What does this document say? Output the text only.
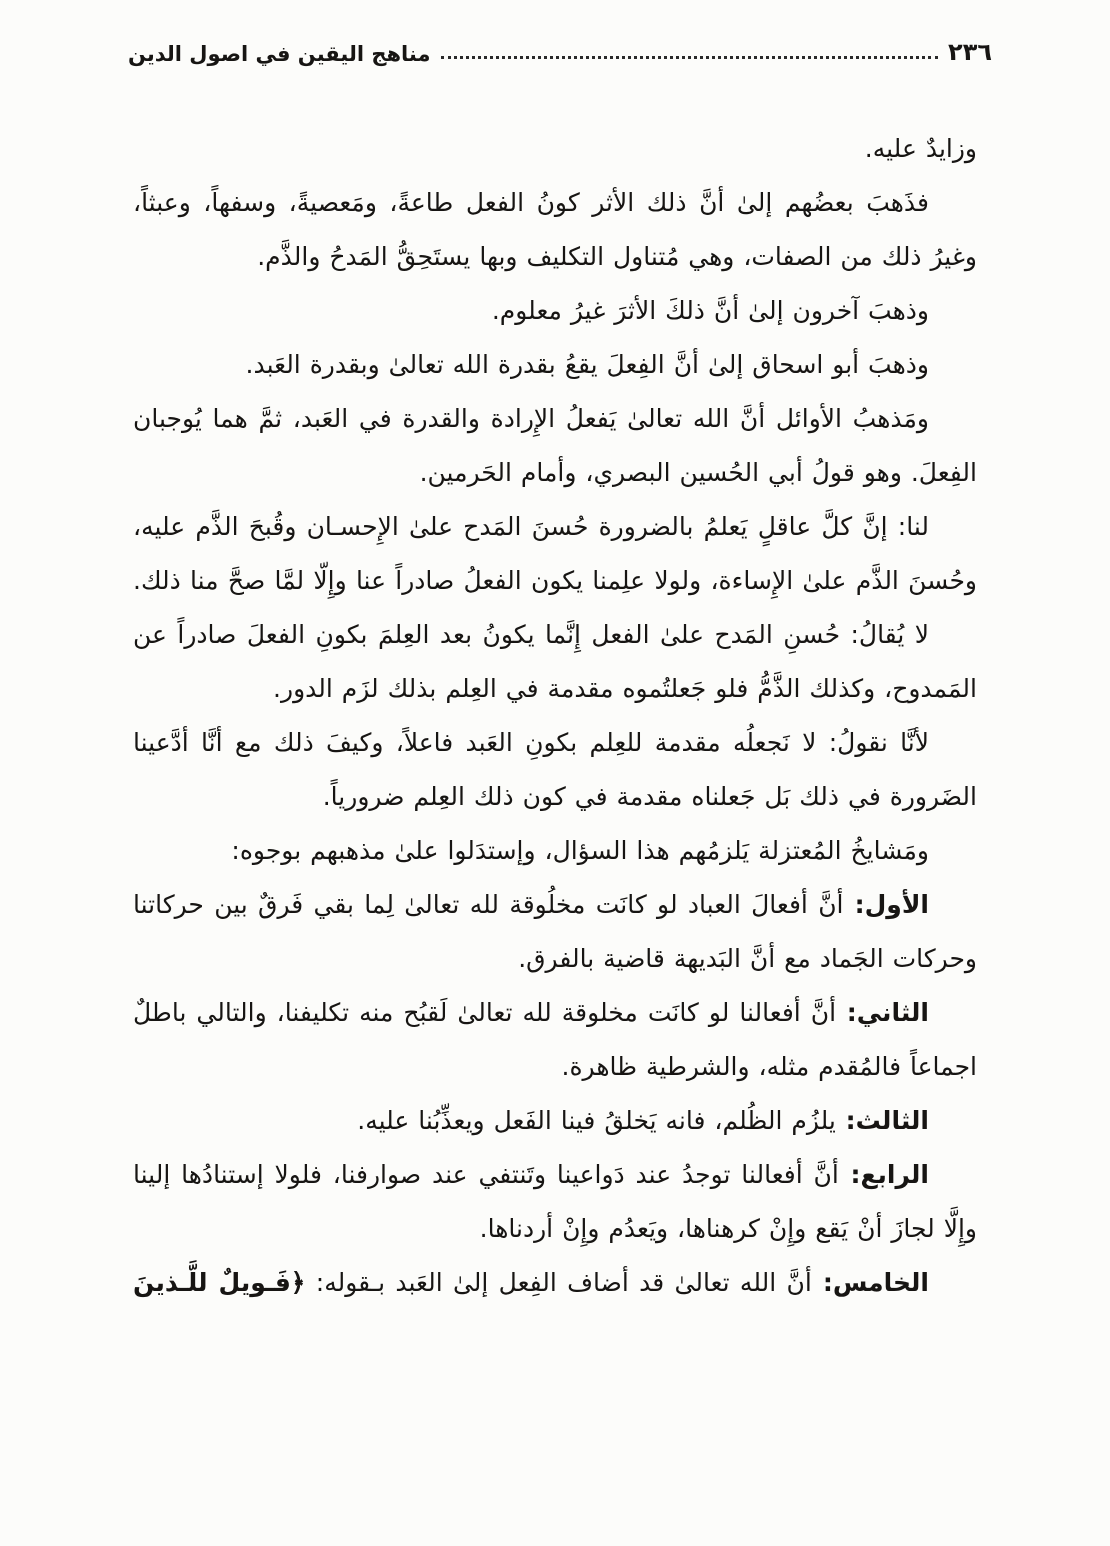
مناهج اليقين في اصول الدين	٢٣٦
وزايدٌ عليه.
فذَهبَ بعضُهم إلىٰ أنَّ ذلك الأثر كونُ الفعل طاعةً، ومَعصيةً، وسفهاً، وعبثاً،
وغيرُ ذلك من الصفات، وهي مُتناول التكليف وبها يستَحِقُّ المَدحُ والذَّم.
وذهبَ آخرون إلىٰ أنَّ ذلكَ الأثرَ غيرُ معلوم.
وذهبَ أبو اسحاق إلىٰ أنَّ الفِعلَ يقعُ بقدرة الله تعالىٰ وبقدرة العَبد.
ومَذهبُ الأوائل أنَّ الله تعالىٰ يَفعلُ الإِرادة والقدرة في العَبد، ثمَّ هما يُوجبان
الفِعلَ. وهو قولُ أبي الحُسين البصري، وأمام الحَرمين.
لنا: إنَّ كلَّ عاقلٍ يَعلمُ بالضرورة حُسنَ المَدح علىٰ الإِحسـان وقُبحَ الذَّم عليه،
وحُسنَ الذَّم علىٰ الإِساءة، ولولا علِمنا يكون الفعلُ صادراً عنا وإِلّا لمَّا صحَّ منا ذلك.
لا يُقالُ: حُسنِ المَدح علىٰ الفعل إِنَّما يكونُ بعد العِلمَ بكونِ الفعلَ صادراً عن
المَمدوح، وكذلك الذَّمُّ فلو جَعلتُموه مقدمة في العِلم بذلك لزَم الدور.
لأنَّا نقولُ: لا نَجعلُه مقدمة للعِلم بكونِ العَبد فاعلاً، وكيفَ ذلك مع أنَّا أدَّعينا
الضَرورة في ذلك بَل جَعلناه مقدمة في كون ذلك العِلم ضرورياً.
ومَشايخُ المُعتزلة يَلزمُهم هذا السؤال، وإستدَلوا علىٰ مذهبهم بوجوه:
الأول: أنَّ أفعالَ العباد لو كانَت مخلُوقة لله تعالىٰ لِما بقي فَرقٌ بين حركاتنا
وحركات الجَماد مع أنَّ البَديهة قاضية بالفرق.
الثاني: أنَّ أفعالنا لو كانَت مخلوقة لله تعالىٰ لَقبُح منه تكليفنا، والتالي باطلٌ
اجماعاً فالمُقدم مثله، والشرطية ظاهرة.
الثالث: يلزُم الظُلم، فانه يَخلقُ فينا الفَعل ويعذِّبُنا عليه.
الرابع: أنَّ أفعالنا توجدُ عند دَواعينا وتَنتفي عند صوارفنا، فلولا إستنادُها إلينا
وإِلَّا لجازَ أنْ يَقع وإِنْ كرهناها، ويَعدُم وإِنْ أردناها.
الخامس: أنَّ الله تعالىٰ قد أضاف الفِعل إلىٰ العَبد بـقوله: ﴿فَـويلٌ للَّـذينَ
